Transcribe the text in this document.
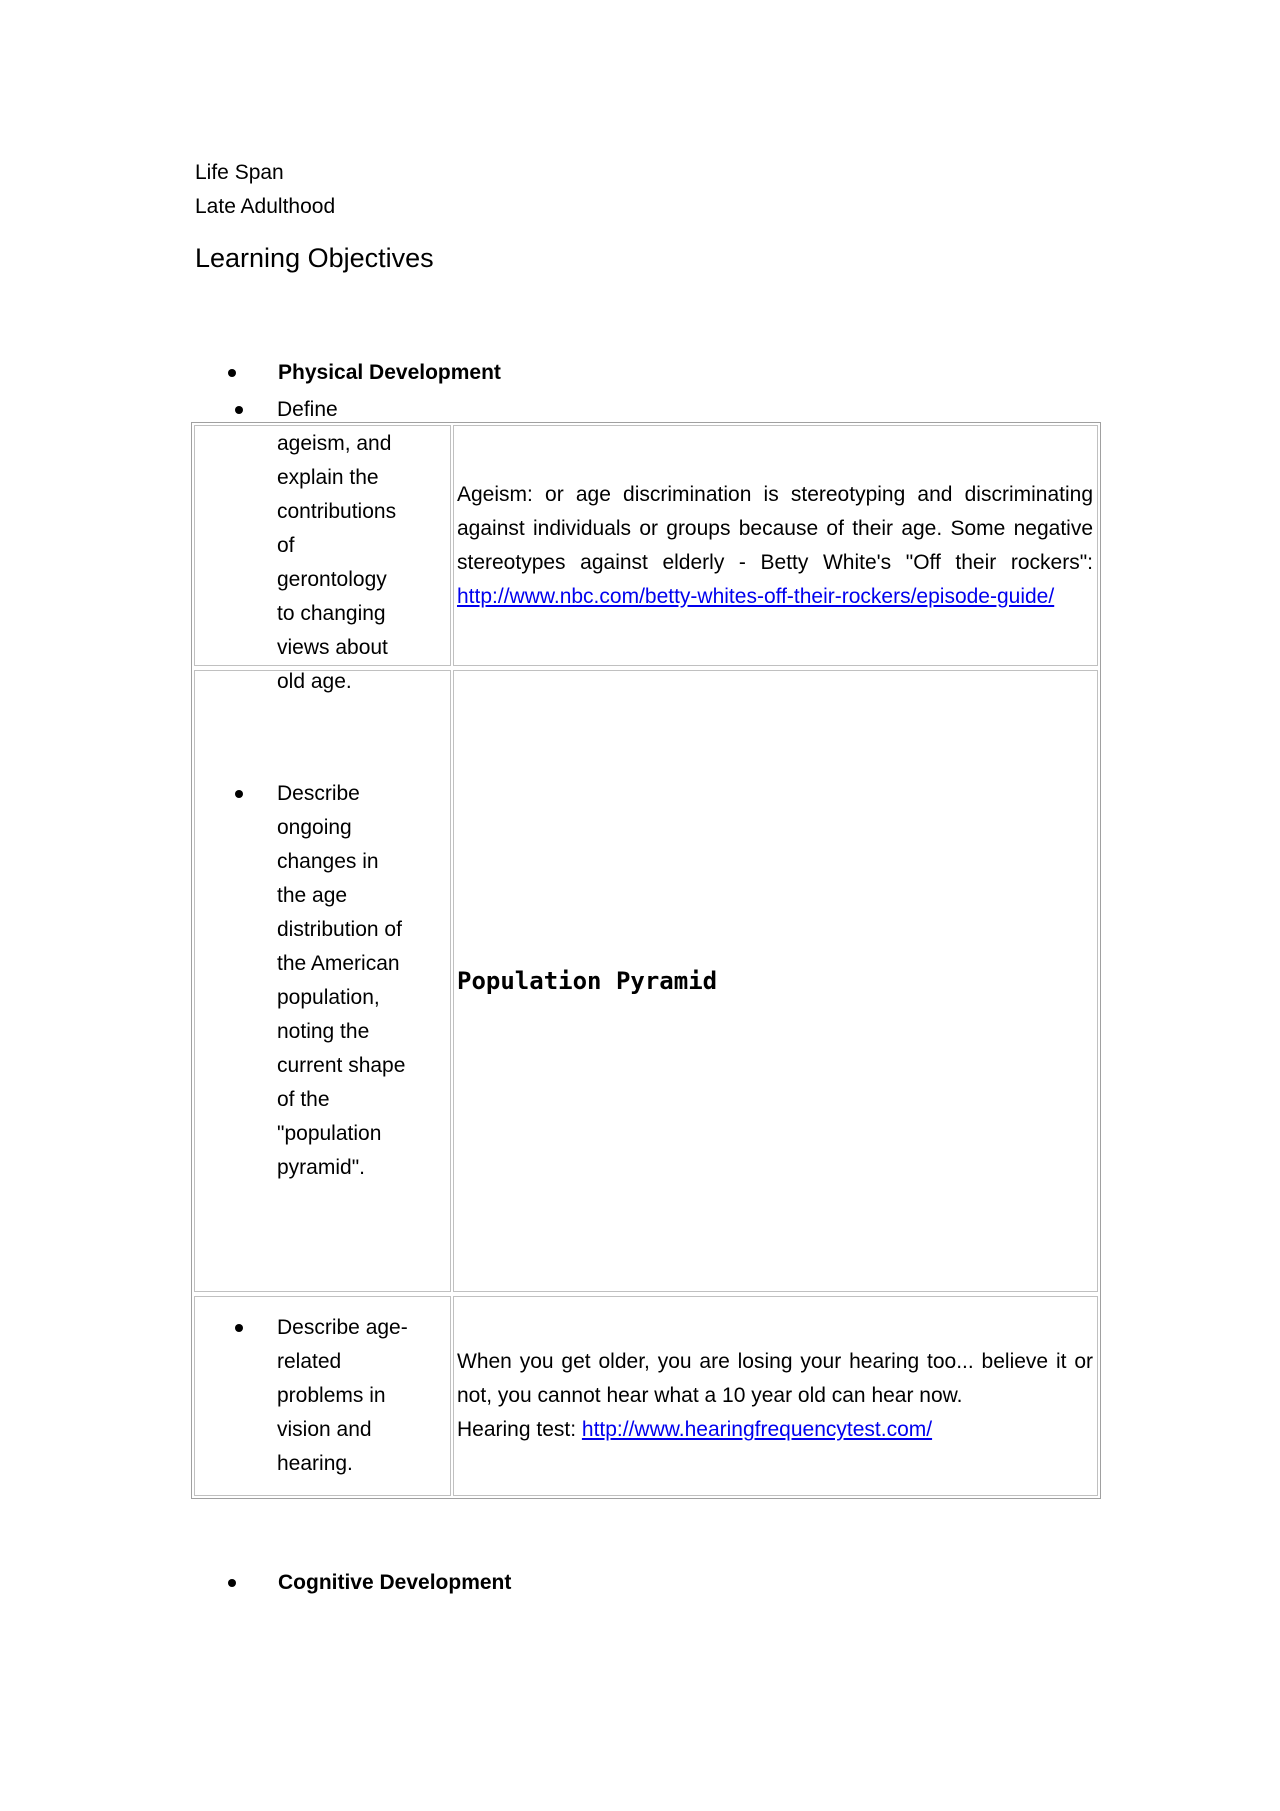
Life Span
Late Adulthood
Learning Objectives
Physical Development
Define ageism, and explain the contributions of gerontology to changing views about old age.
Ageism: or age discrimination is stereotyping and discriminating against individuals or groups because of their age. Some negative stereotypes against elderly - Betty White's "Off their rockers": http://www.nbc.com/betty-whites-off-their-rockers/episode-guide/
Describe ongoing changes in the age distribution of the American population, noting the current shape of the "population pyramid".
Population Pyramid
Describe age-related problems in vision and hearing.
When you get older, you are losing your hearing too... believe it or not, you cannot hear what a 10 year old can hear now.
Hearing test: http://www.hearingfrequencytest.com/
Cognitive Development
